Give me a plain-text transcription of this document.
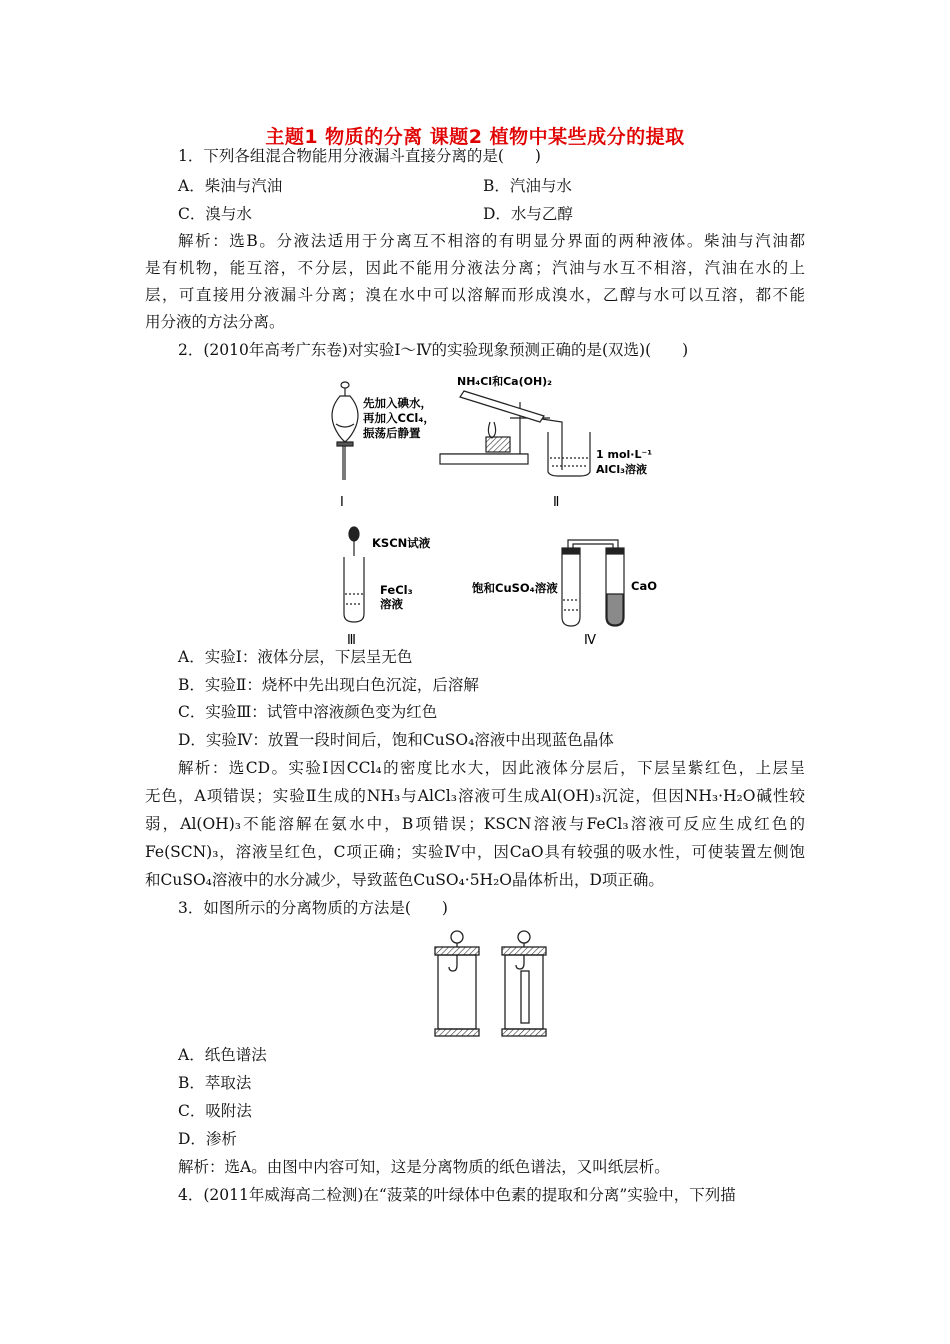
主题1 物质的分离 课题2 植物中某些成分的提取
1．下列各组混合物能用分液漏斗直接分离的是(　　)
A．柴油与汽油	B．汽油与水
C．溴与水	D．水与乙醇
解析：选B。分液法适用于分离互不相溶的有明显分界面的两种液体。柴油与汽油都
是有机物，能互溶，不分层，因此不能用分液法分离；汽油与水互不相溶，汽油在水的上
层，可直接用分液漏斗分离；溴在水中可以溶解而形成溴水，乙醇与水可以互溶，都不能
用分液的方法分离。
2．(2010年高考广东卷)对实验Ⅰ～Ⅳ的实验现象预测正确的是(双选)(　　)
先加入碘水，
再加入CCl₄，
振荡后静置
Ⅰ
NH₄Cl和Ca(OH)₂
1 mol·L⁻¹
AlCl₃溶液
Ⅱ
KSCN试液
FeCl₃
溶液
Ⅲ
饱和CuSO₄溶液	CaO
Ⅳ
A．实验Ⅰ：液体分层，下层呈无色
B．实验Ⅱ：烧杯中先出现白色沉淀，后溶解
C．实验Ⅲ：试管中溶液颜色变为红色
D．实验Ⅳ：放置一段时间后，饱和CuSO₄溶液中出现蓝色晶体
解析：选CD。实验Ⅰ因CCl₄的密度比水大，因此液体分层后，下层呈紫红色，上层呈
无色，A项错误；实验Ⅱ生成的NH₃与AlCl₃溶液可生成Al(OH)₃沉淀，但因NH₃·H₂O碱性较
弱，Al(OH)₃不能溶解在氨水中，B项错误；KSCN溶液与FeCl₃溶液可反应生成红色的
Fe(SCN)₃，溶液呈红色，C项正确；实验Ⅳ中，因CaO具有较强的吸水性，可使装置左侧饱
和CuSO₄溶液中的水分减少，导致蓝色CuSO₄·5H₂O晶体析出，D项正确。
3．如图所示的分离物质的方法是(　　)
A．纸色谱法
B．萃取法
C．吸附法
D．渗析
解析：选A。由图中内容可知，这是分离物质的纸色谱法，又叫纸层析。
4．(2011年威海高二检测)在“菠菜的叶绿体中色素的提取和分离”实验中，下列描
